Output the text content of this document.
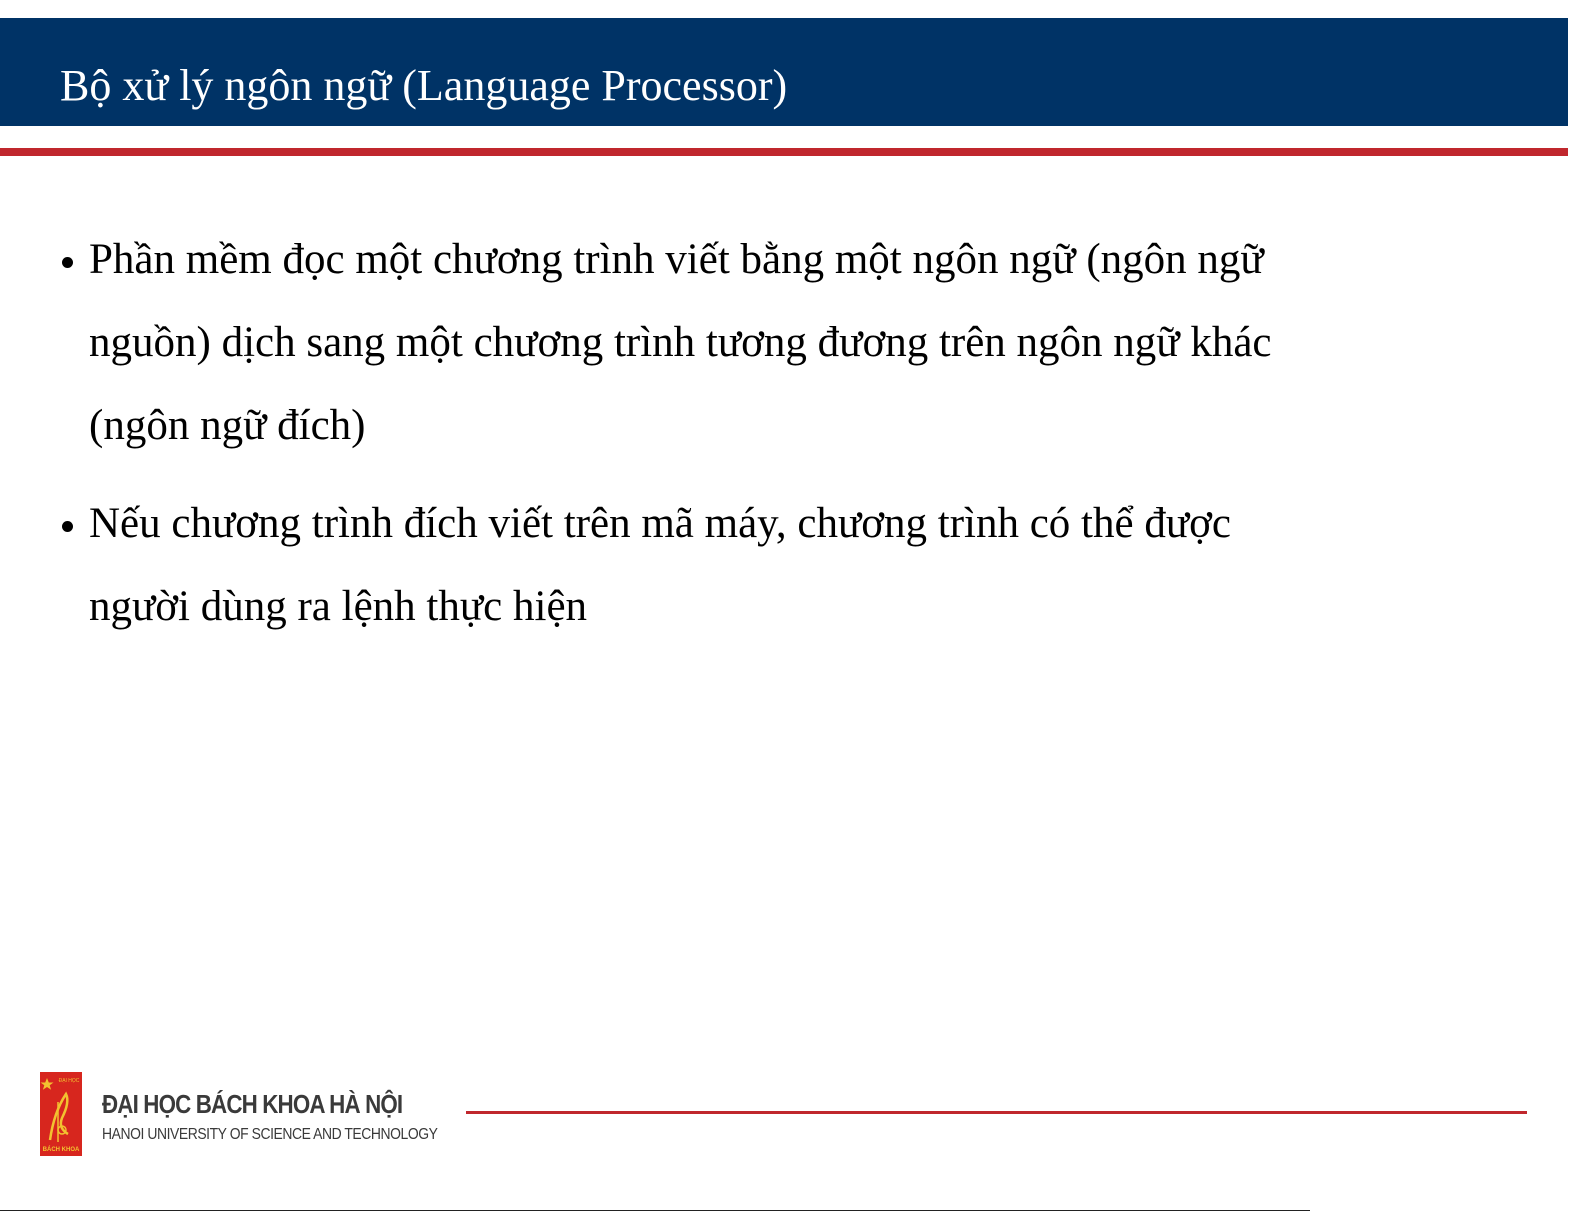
Bộ xử lý ngôn ngữ (Language Processor)
Phần mềm đọc một chương trình viết bằng một ngôn ngữ (ngôn ngữ
nguồn) dịch sang một chương trình tương đương trên ngôn ngữ khác
(ngôn ngữ đích)
Nếu chương trình đích viết trên mã máy, chương trình có thể được
người dùng ra lệnh thực hiện
ĐẠI HỌC
BÁCH KHOA
ĐẠI HỌC BÁCH KHOA HÀ NỘI
HANOI UNIVERSITY OF SCIENCE AND TECHNOLOGY
